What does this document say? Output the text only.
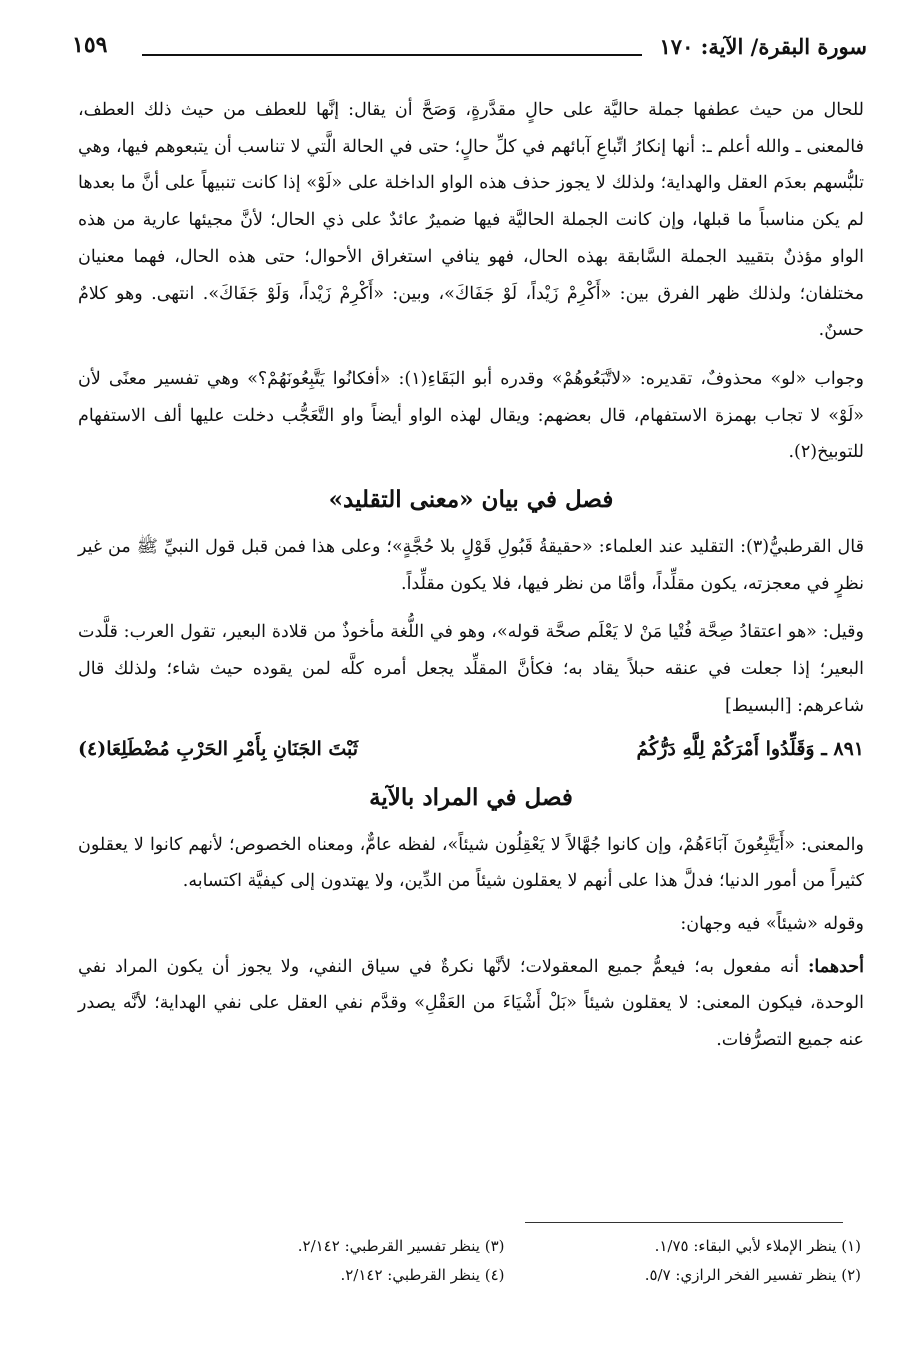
سورة البقرة/ الآية: ١٧٠
١٥٩

للحال من حيث عطفها جملة حاليَّة على حالٍ مقدَّرةٍ، وَصَحَّ أن يقال: إنَّها للعطف من حيث ذلك العطف، فالمعنى ـ والله أعلم ـ: أنها إنكارُ اتِّباعِ آبائهم في كلِّ حالٍ؛ حتى في الحالة الَّتي لا تناسب أن يتبعوهم فيها، وهي تلبُّسهم بعدَم العقل والهداية؛ ولذلك لا يجوز حذف هذه الواو الداخلة على «لَوْ» إذا كانت تنبيهاً على أنَّ ما بعدها لم يكن مناسباً ما قبلها، وإن كانت الجملة الحاليَّة فيها ضميرٌ عائدٌ على ذي الحال؛ لأنَّ مجيئها عارية من هذه الواو مؤذنٌ بتقييد الجملة السَّابقة بهذه الحال، فهو ينافي استغراق الأحوال؛ حتى هذه الحال، فهما معنيان مختلفان؛ ولذلك ظهر الفرق بين: «أَكْرِمْ زَيْداً، لَوْ جَفَاكَ»، وبين: «أَكْرِمْ زَيْداً، وَلَوْ جَفَاكَ». انتهى. وهو كلامٌ حسنٌ.

وجواب «لو» محذوفٌ، تقديره: «لاتَّبَعُوهُمْ» وقدره أبو البَقَاءِ(١): «أفكانُوا يَتَّبِعُونَهُمْ؟» وهي تفسير معنًى لأن «لَوْ» لا تجاب بهمزة الاستفهام، قال بعضهم: ويقال لهذه الواو أيضاً واو التَّعَجُّب دخلت عليها ألف الاستفهام للتوبيخ(٢).

فصل في بيان «معنى التقليد»

قال القرطبيُّ(٣): التقليد عند العلماء: «حقيقةُ قَبُولِ قَوْلٍ بلا حُجَّةٍ»؛ وعلى هذا فمن قبل قول النبيِّ ﷺ من غير نظرٍ في معجزته، يكون مقلِّداً، وأمَّا من نظر فيها، فلا يكون مقلِّداً.

وقيل: «هو اعتقادُ صِحَّة فُتْيا مَنْ لا يَعْلَم صحَّة قوله»، وهو في اللُّغة مأخوذٌ من قلادة البعير، تقول العرب: قلَّدت البعير؛ إذا جعلت في عنقه حبلاً يقاد به؛ فكأنَّ المقلِّد يجعل أمره كلَّه لمن يقوده حيث شاء؛ ولذلك قال شاعرهم: [البسيط]

٨٩١ ـ وَقَلِّدُوا أَمْرَكُمْ لِلَّهِ دَرُّكُمُ
ثَبْتَ الجَنَانِ بِأَمْرِ الحَرْبِ مُضْطَلِعَا(٤)
فصل في المراد بالآية

والمعنى: «أَيَتَّبِعُونَ آبَاءَهُمْ، وإن كانوا جُهَّالاً لا يَعْقِلُون شيئاً»، لفظه عامٌّ، ومعناه الخصوص؛ لأنهم كانوا لا يعقلون كثيراً من أمور الدنيا؛ فدلَّ هذا على أنهم لا يعقلون شيئاً من الدِّين، ولا يهتدون إلى كيفيَّة اكتسابه.

وقوله «شيئاً» فيه وجهان:

أحدهما: أنه مفعول به؛ فيعمُّ جميع المعقولات؛ لأنَّها نكرةٌ في سياق النفي، ولا يجوز أن يكون المراد نفي الوحدة، فيكون المعنى: لا يعقلون شيئاً «بَلْ أَشْيَاءَ من العَقْلِ» وقدَّم نفي العقل على نفي الهداية؛ لأنَّه يصدر عنه جميع التصرُّفات.

(١) ينظر الإملاء لأبي البقاء: ١/٧٥.
(٣) ينظر تفسير القرطبي: ٢/١٤٢.
(٢) ينظر تفسير الفخر الرازي: ٥/٧.
(٤) ينظر القرطبي: ٢/١٤٢.
